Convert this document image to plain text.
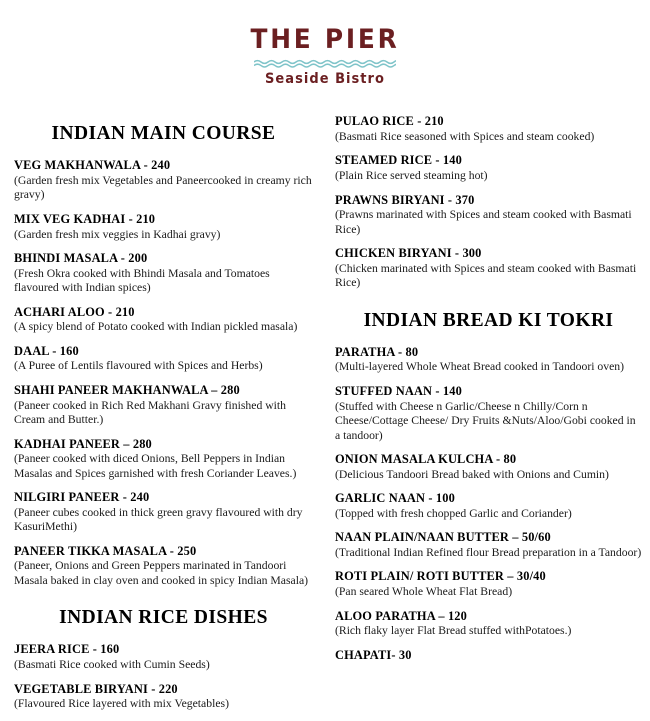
THE PIER
Seaside Bistro
INDIAN MAIN COURSE
VEG MAKHANWALA - 240
(Garden fresh mix Vegetables and Paneercooked in creamy rich gravy)
MIX VEG KADHAI - 210
(Garden fresh mix veggies in Kadhai gravy)
BHINDI MASALA - 200
(Fresh Okra cooked with Bhindi Masala and Tomatoes flavoured with Indian spices)
ACHARI ALOO - 210
(A spicy blend of Potato cooked with Indian pickled masala)
DAAL - 160
(A Puree of Lentils flavoured with Spices and Herbs)
SHAHI PANEER MAKHANWALA – 280
(Paneer cooked in Rich Red Makhani Gravy finished with Cream and Butter.)
KADHAI PANEER – 280
(Paneer cooked with diced Onions, Bell Peppers in Indian Masalas and Spices garnished with fresh Coriander Leaves.)
NILGIRI PANEER - 240
(Paneer cubes cooked in thick green gravy flavoured with dry KasuriMethi)
PANEER TIKKA MASALA - 250
(Paneer, Onions and Green Peppers marinated in Tandoori Masala baked in clay oven and cooked in spicy Indian Masala)
INDIAN RICE DISHES
JEERA RICE - 160
(Basmati Rice cooked with Cumin Seeds)
VEGETABLE BIRYANI - 220
(Flavoured Rice layered with mix Vegetables)
PULAO RICE - 210
(Basmati Rice seasoned with Spices and steam cooked)
STEAMED RICE - 140
(Plain Rice served steaming hot)
PRAWNS BIRYANI - 370
(Prawns marinated with Spices and steam cooked with Basmati Rice)
CHICKEN BIRYANI - 300
(Chicken marinated with Spices and steam cooked with Basmati Rice)
INDIAN BREAD KI TOKRI
PARATHA - 80
(Multi-layered Whole Wheat Bread cooked in Tandoori oven)
STUFFED NAAN - 140
(Stuffed with Cheese n Garlic/Cheese n Chilly/Corn n Cheese/Cottage Cheese/ Dry Fruits &Nuts/Aloo/Gobi cooked in a tandoor)
ONION MASALA KULCHA - 80
(Delicious Tandoori Bread baked with Onions and Cumin)
GARLIC NAAN - 100
(Topped with fresh chopped Garlic and Coriander)
NAAN PLAIN/NAAN BUTTER – 50/60
(Traditional Indian Refined flour Bread preparation in a Tandoor)
ROTI PLAIN/ ROTI BUTTER – 30/40
(Pan seared Whole Wheat Flat Bread)
ALOO PARATHA – 120
(Rich flaky layer Flat Bread stuffed withPotatoes.)
CHAPATI- 30
